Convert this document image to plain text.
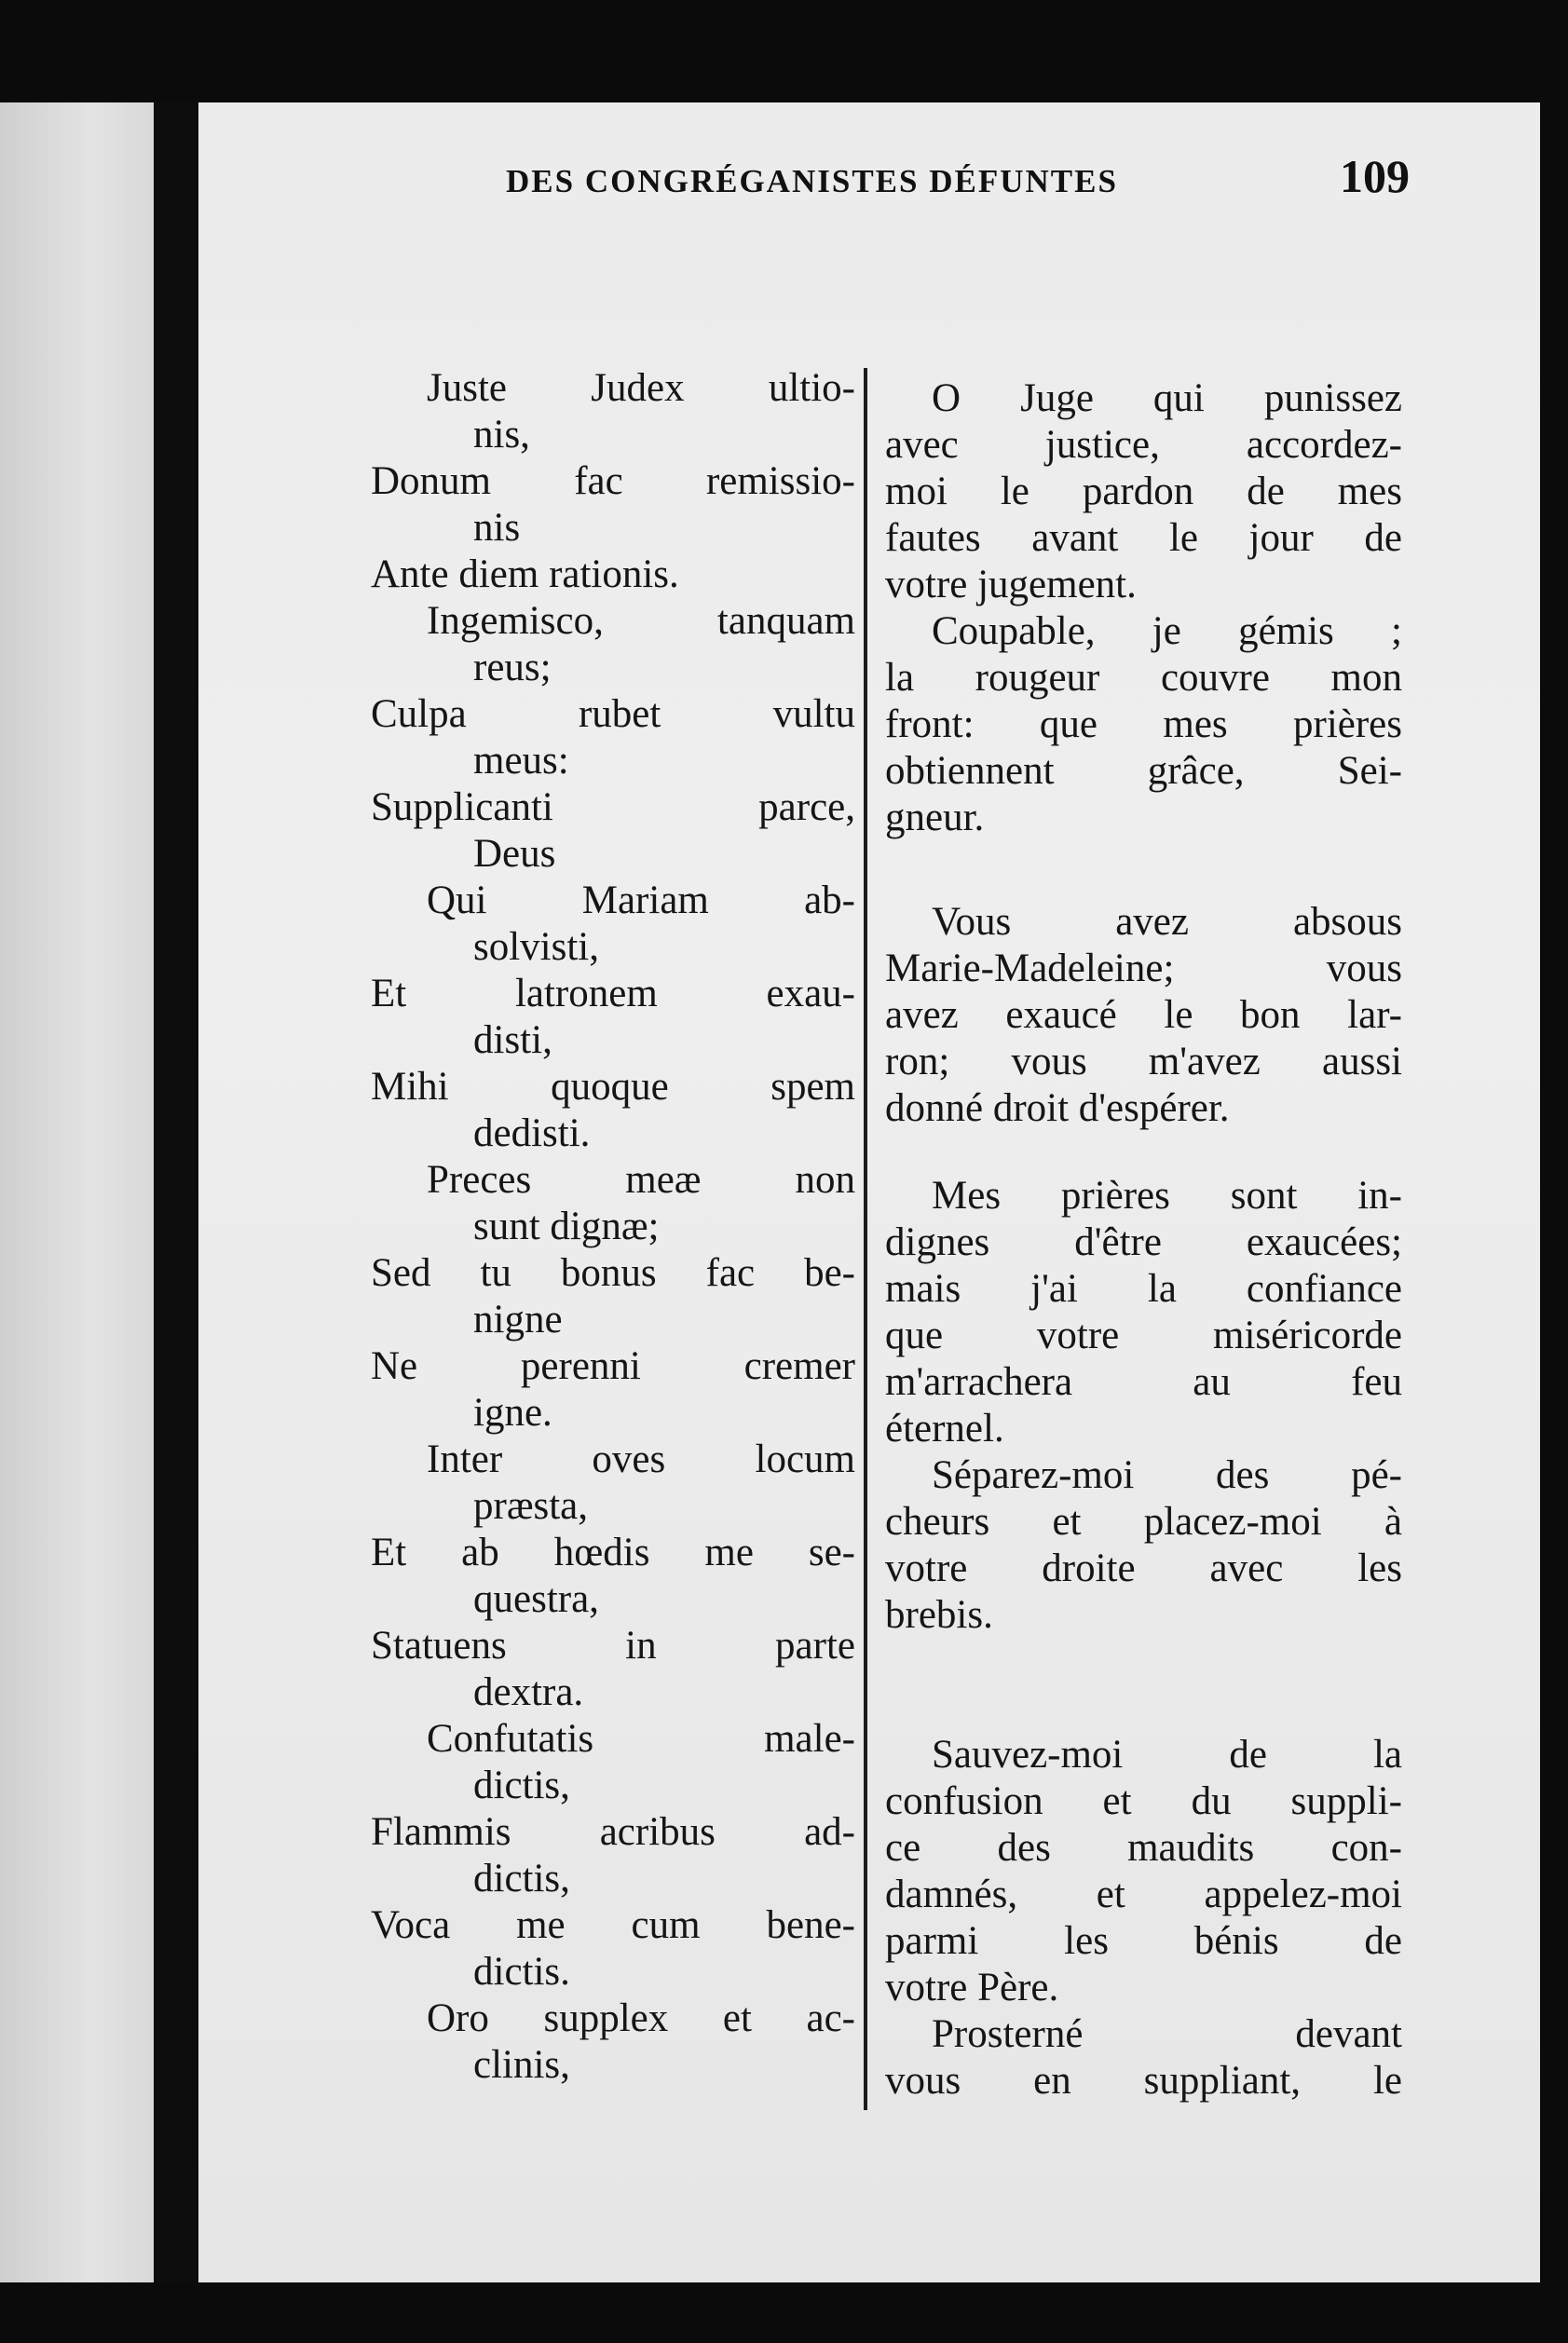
DES CONGRÉGANISTES DÉFUNTES	109
Juste Judex ultio-
nis,
Donum fac remissio-
nis
Ante diem rationis.
Ingemisco, tanquam
reus;
Culpa rubet vultu
meus:
Supplicanti parce,
Deus
Qui Mariam ab-
solvisti,
Et latronem exau-
disti,
Mihi quoque spem
dedisti.
Preces meæ non
sunt dignæ;
Sed tu bonus fac be-
nigne
Ne perenni cremer
igne.
Inter oves locum
præsta,
Et ab hœdis me se-
questra,
Statuens in parte
dextra.
Confutatis male-
dictis,
Flammis acribus ad-
dictis,
Voca me cum bene-
dictis.
Oro supplex et ac-
clinis,
O Juge qui punissez
avec justice, accordez-
moi le pardon de mes
fautes avant le jour de
votre jugement.
Coupable, je gémis ;
la rougeur couvre mon
front: que mes prières
obtiennent grâce, Sei-
gneur.
Vous avez absous
Marie-Madeleine; vous
avez exaucé le bon lar-
ron; vous m'avez aussi
donné droit d'espérer.
Mes prières sont in-
dignes d'être exaucées;
mais j'ai la confiance
que votre miséricorde
m'arrachera au feu
éternel.
Séparez-moi des pé-
cheurs et placez-moi à
votre droite avec les
brebis.
Sauvez-moi de la
confusion et du suppli-
ce des maudits con-
damnés, et appelez-moi
parmi les bénis de
votre Père.
Prosterné devant
vous en suppliant, le
